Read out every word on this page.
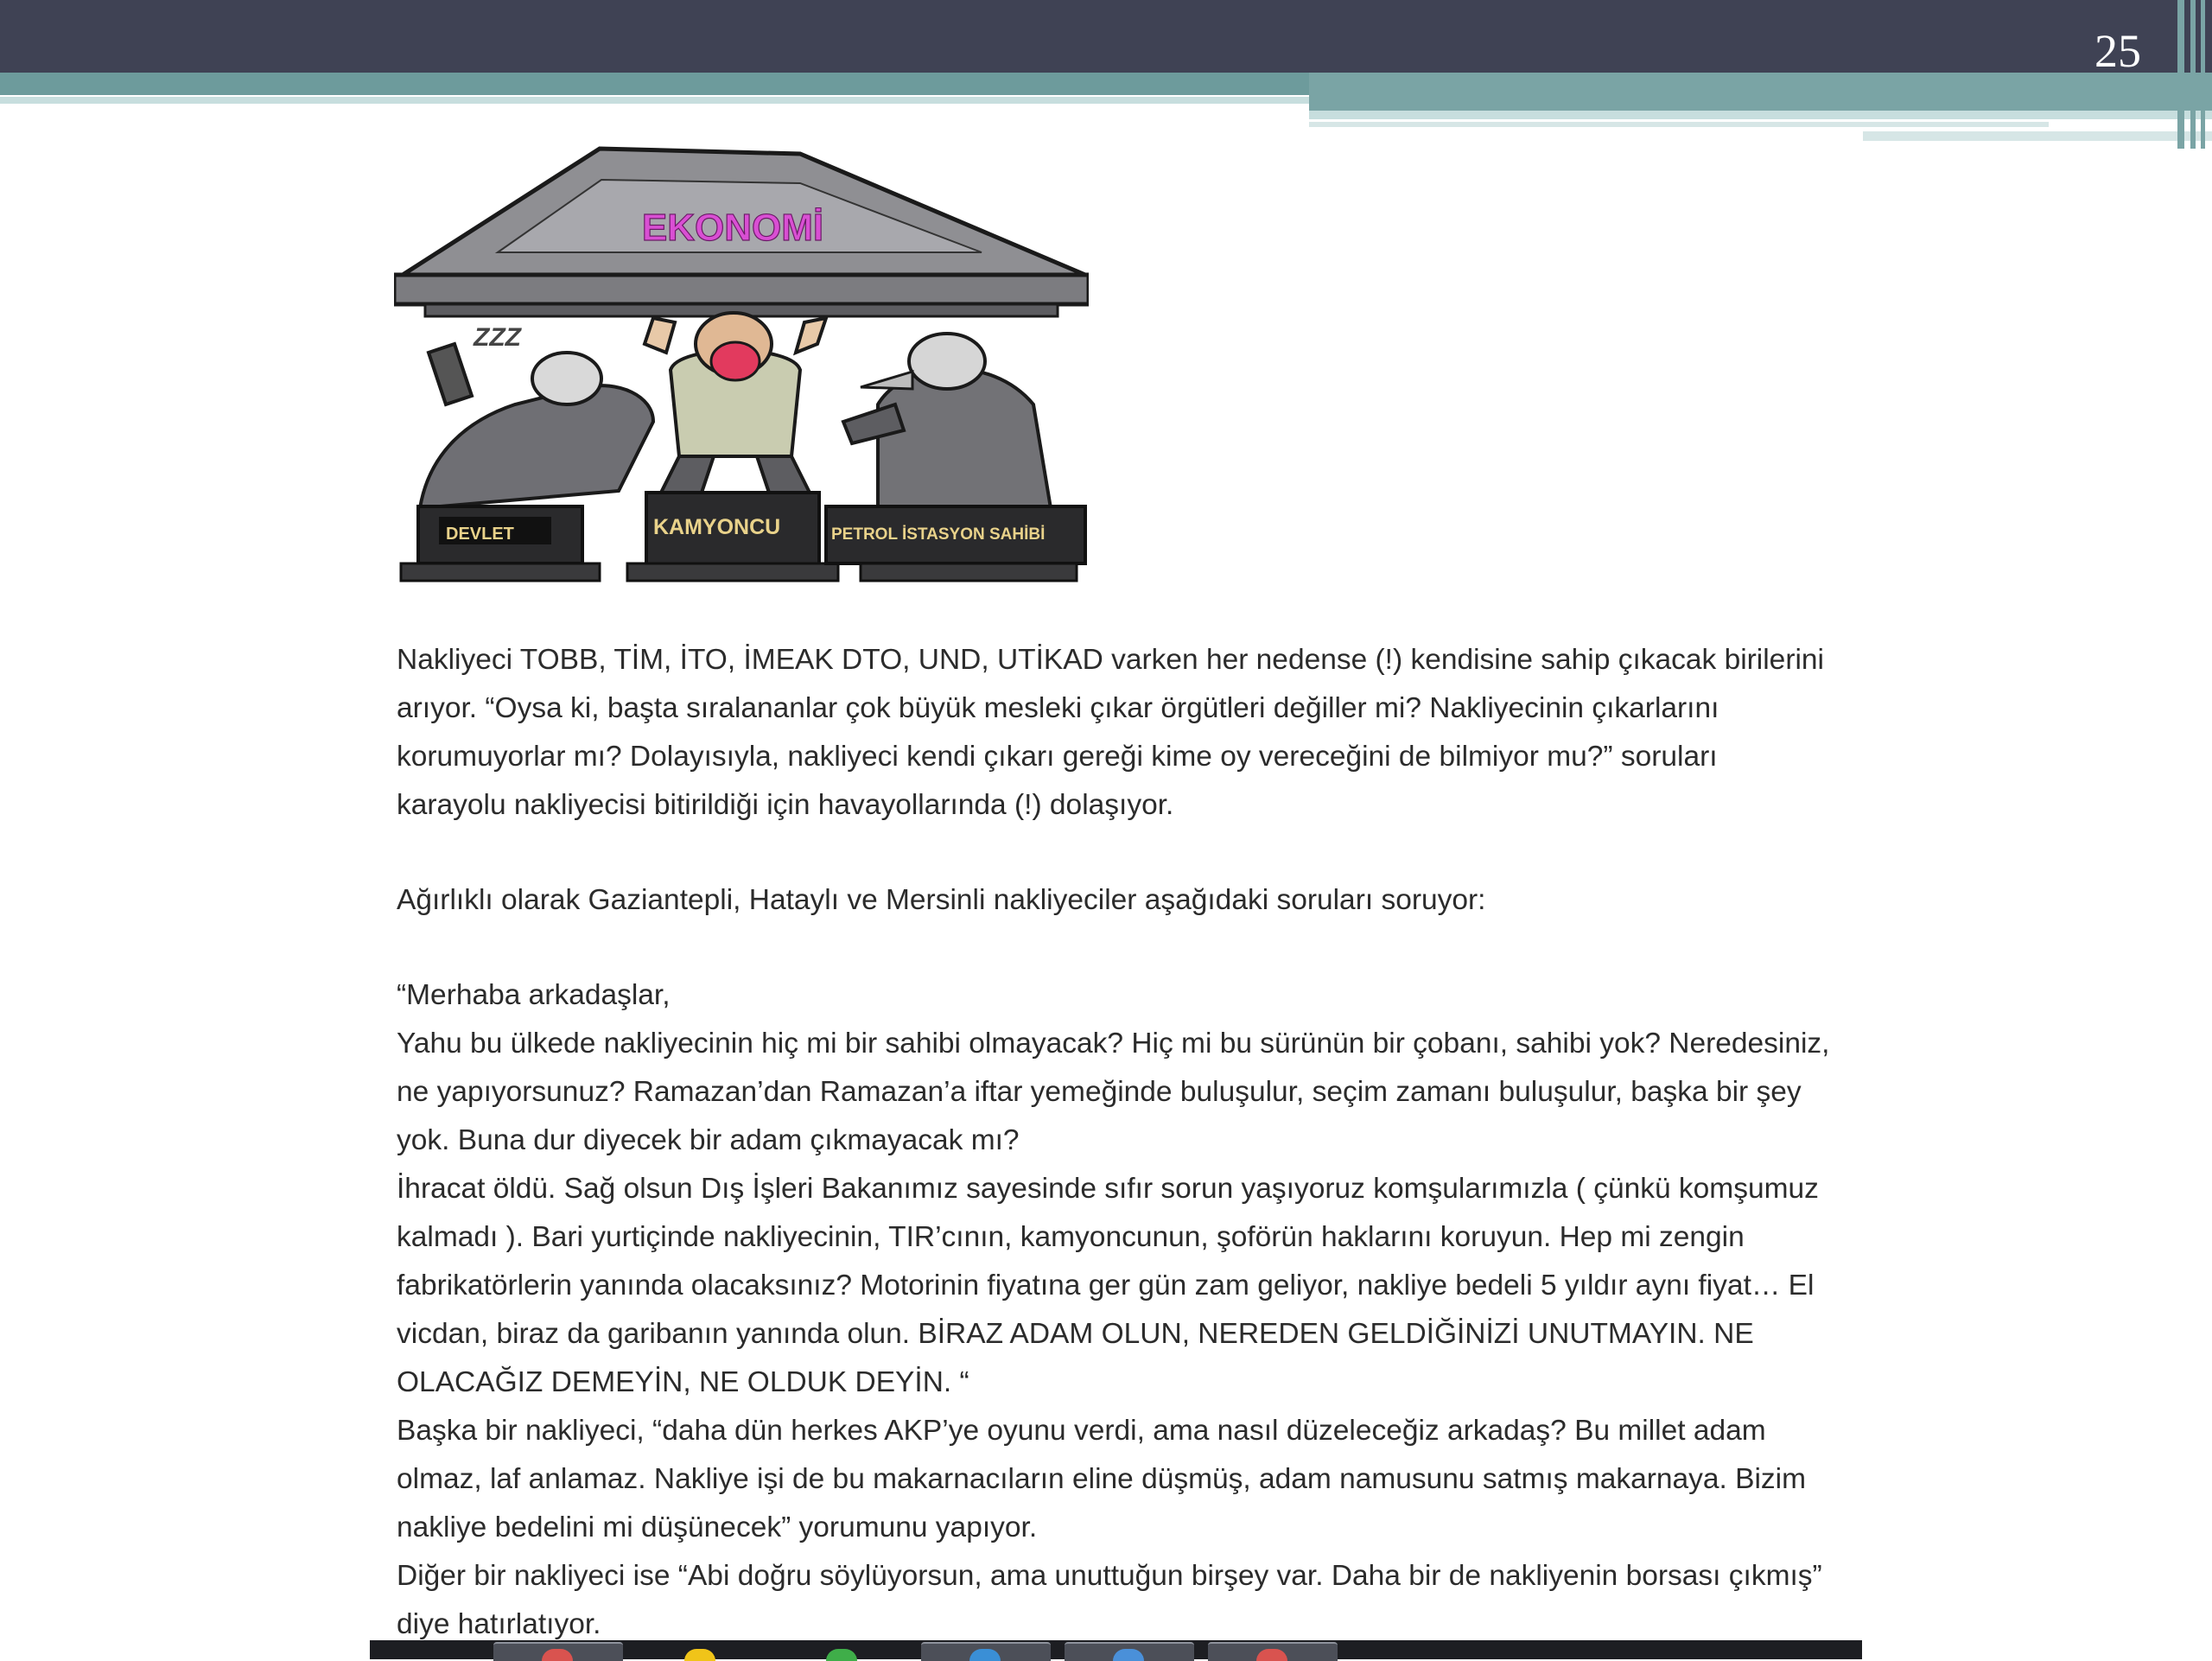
25
EKONOMİ
ZZZ
DEVLET	KAMYONCU	PETROL İSTASYON SAHİBİ

Nakliyeci TOBB, TİM, İTO, İMEAK DTO, UND, UTİKAD varken her nedense (!) kendisine sahip çıkacak birilerini arıyor. “Oysa ki, başta sıralananlar çok büyük mesleki çıkar örgütleri değiller mi? Nakliyecinin çıkarlarını korumuyorlar mı? Dolayısıyla, nakliyeci kendi çıkarı gereği kime oy vereceğini de bilmiyor mu?” soruları karayolu nakliyecisi bitirildiği için havayollarında (!) dolaşıyor.

Ağırlıklı olarak Gaziantepli, Hataylı ve Mersinli nakliyeciler aşağıdaki soruları soruyor:

“Merhaba arkadaşlar,

Yahu bu ülkede nakliyecinin hiç mi bir sahibi olmayacak? Hiç mi bu sürünün bir çobanı, sahibi yok? Neredesiniz, ne yapıyorsunuz? Ramazan’dan Ramazan’a iftar yemeğinde buluşulur, seçim zamanı buluşulur, başka bir şey yok. Buna dur diyecek bir adam çıkmayacak mı?

İhracat öldü. Sağ olsun Dış İşleri Bakanımız sayesinde sıfır sorun yaşıyoruz komşularımızla ( çünkü komşumuz kalmadı ). Bari yurtiçinde nakliyecinin, TIR’cının, kamyoncunun, şoförün haklarını koruyun. Hep mi zengin fabrikatörlerin yanında olacaksınız? Motorinin fiyatına ger gün zam geliyor, nakliye bedeli 5 yıldır aynı fiyat… El vicdan, biraz da garibanın yanında olun. BİRAZ ADAM OLUN, NEREDEN GELDİĞİNİZİ UNUTMAYIN. NE OLACAĞIZ DEMEYİN, NE OLDUK DEYİN. “

Başka bir nakliyeci, “daha dün herkes AKP’ye oyunu verdi, ama nasıl düzeleceğiz arkadaş? Bu millet adam olmaz, laf anlamaz. Nakliye işi de bu makarnacıların eline düşmüş, adam namusunu satmış makarnaya. Bizim nakliye bedelini mi düşünecek” yorumunu yapıyor.

Diğer bir nakliyeci ise “Abi doğru söylüyorsun, ama unuttuğun birşey var. Daha bir de nakliyenin borsası çıkmış” diye hatırlatıyor.
